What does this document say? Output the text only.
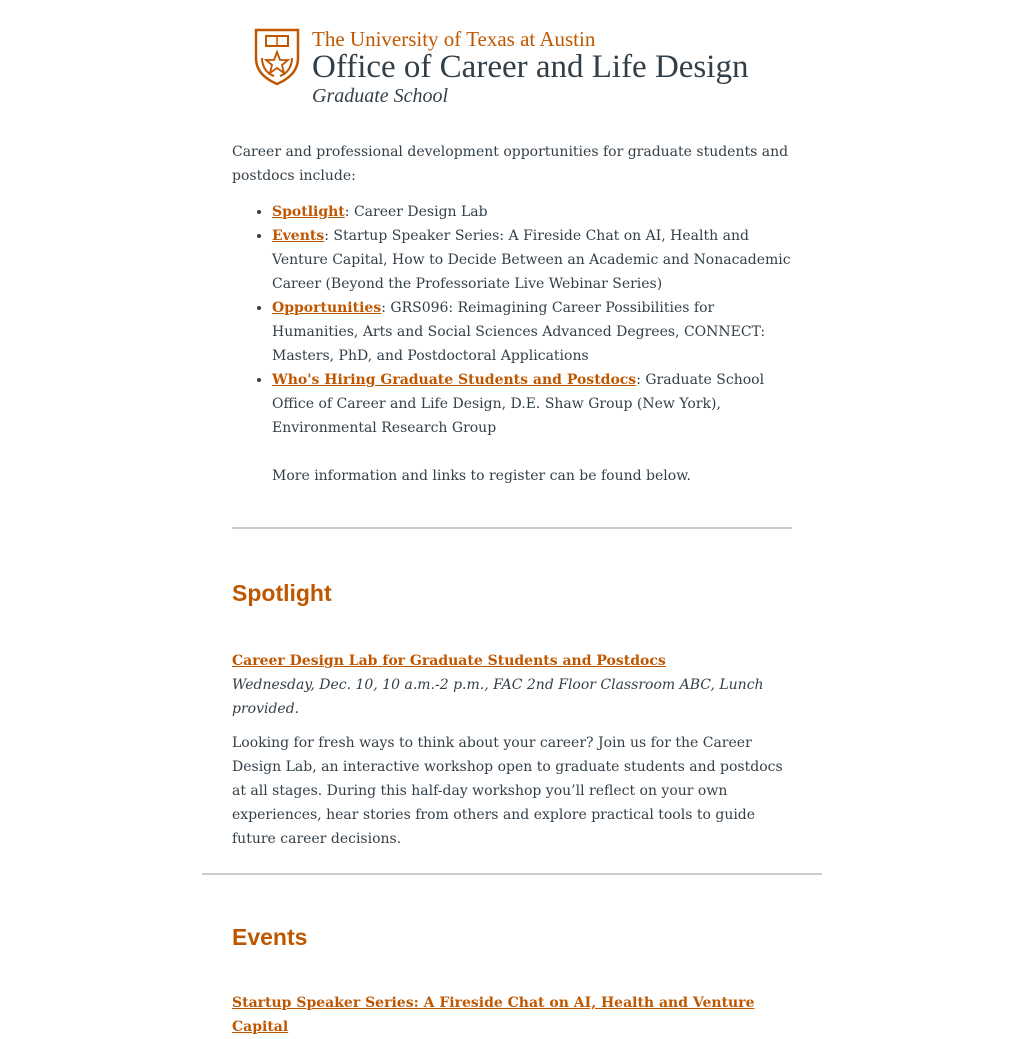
The University of Texas at Austin
Office of Career and Life Design
Graduate School

Career and professional development opportunities for graduate students and postdocs include:

• Spotlight: Career Design Lab
• Events: Startup Speaker Series: A Fireside Chat on AI, Health and Venture Capital, How to Decide Between an Academic and Nonacademic Career (Beyond the Professoriate Live Webinar Series)
• Opportunities: GRS096: Reimagining Career Possibilities for Humanities, Arts and Social Sciences Advanced Degrees, CONNECT: Masters, PhD, and Postdoctoral Applications
• Who's Hiring Graduate Students and Postdocs: Graduate School Office of Career and Life Design, D.E. Shaw Group (New York), Environmental Research Group
More information and links to register can be found below.
Spotlight
Career Design Lab for Graduate Students and Postdocs
Wednesday, Dec. 10, 10 a.m.-2 p.m., FAC 2nd Floor Classroom ABC, Lunch provided.

Looking for fresh ways to think about your career? Join us for the Career Design Lab, an interactive workshop open to graduate students and postdocs at all stages. During this half-day workshop you’ll reflect on your own experiences, hear stories from others and explore practical tools to guide future career decisions.

Events
Startup Speaker Series: A Fireside Chat on AI, Health and Venture Capital
